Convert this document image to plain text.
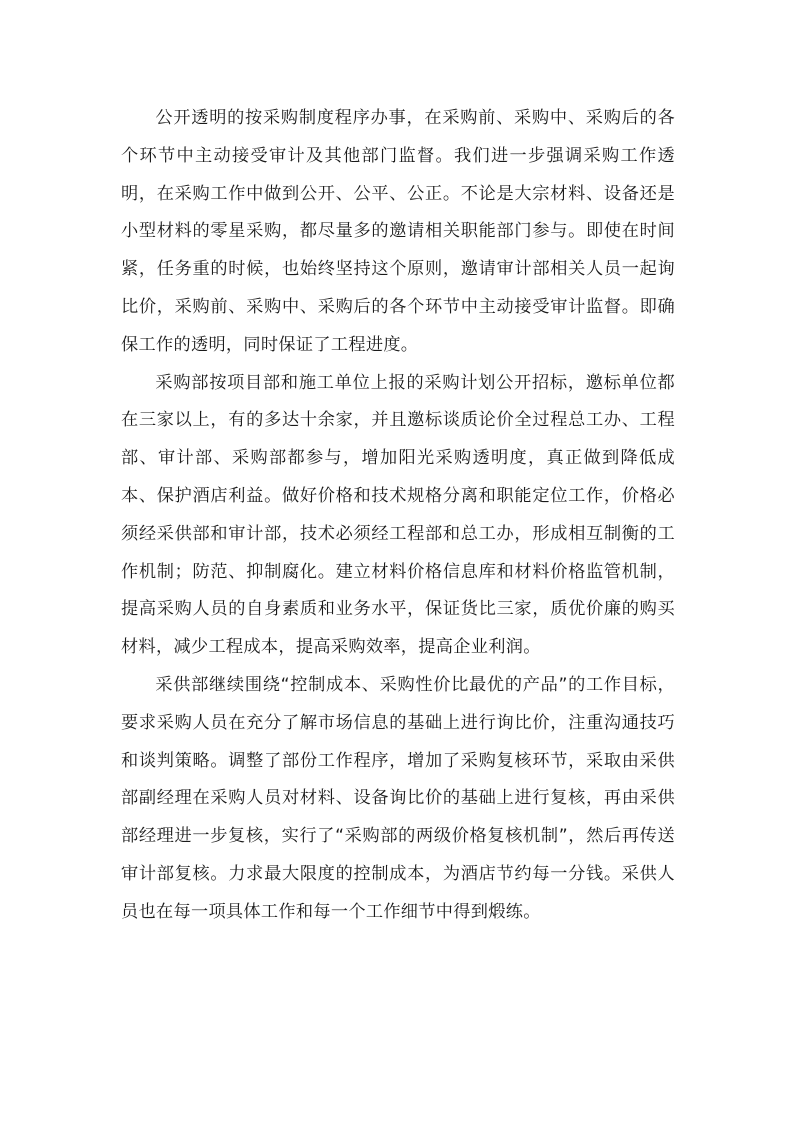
公开透明的按采购制度程序办事，在采购前、采购中、采购后的各个环节中主动接受审计及其他部门监督。我们进一步强调采购工作透明，在采购工作中做到公开、公平、公正。不论是大宗材料、设备还是小型材料的零星采购，都尽量多的邀请相关职能部门参与。即使在时间紧，任务重的时候，也始终坚持这个原则，邀请审计部相关人员一起询比价，采购前、采购中、采购后的各个环节中主动接受审计监督。即确保工作的透明，同时保证了工程进度。

采购部按项目部和施工单位上报的采购计划公开招标，邀标单位都在三家以上，有的多达十余家，并且邀标谈质论价全过程总工办、工程部、审计部、采购部都参与，增加阳光采购透明度，真正做到降低成本、保护酒店利益。做好价格和技术规格分离和职能定位工作，价格必须经采供部和审计部，技术必须经工程部和总工办，形成相互制衡的工作机制；防范、抑制腐化。建立材料价格信息库和材料价格监管机制，提高采购人员的自身素质和业务水平，保证货比三家，质优价廉的购买材料，减少工程成本，提高采购效率，提高企业利润。

采供部继续围绕“控制成本、采购性价比最优的产品”的工作目标，要求采购人员在充分了解市场信息的基础上进行询比价，注重沟通技巧和谈判策略。调整了部份工作程序，增加了采购复核环节，采取由采供部副经理在采购人员对材料、设备询比价的基础上进行复核，再由采供部经理进一步复核，实行了“采购部的两级价格复核机制”，然后再传送审计部复核。力求最大限度的控制成本，为酒店节约每一分钱。采供人员也在每一项具体工作和每一个工作细节中得到煅练。
